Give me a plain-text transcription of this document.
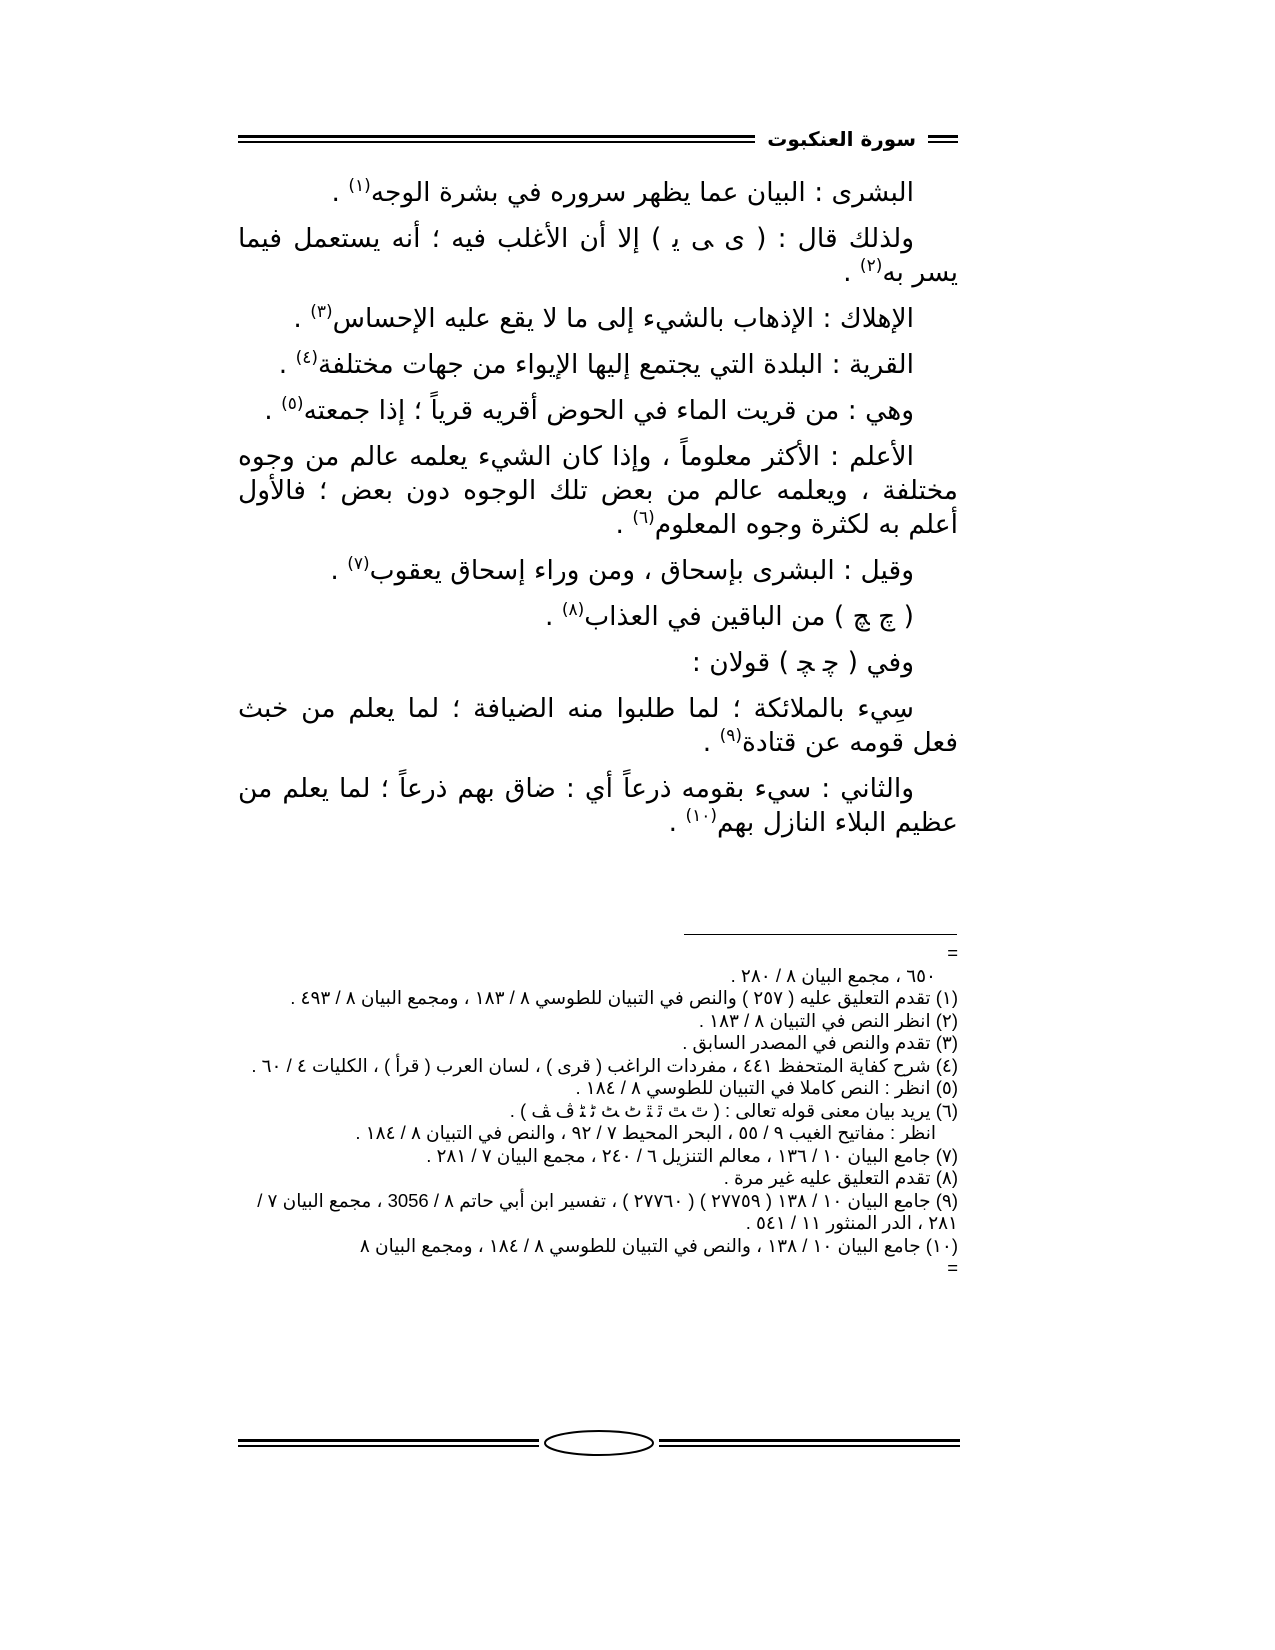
سورة العنكبوت

البشرى : البيان عما يظهر سروره في بشرة الوجه$^{(١)}$ .

ولذلك قال : ( ﯼ ﯽ ﯾ ) إلا أن الأغلب فيه ؛ أنه يستعمل فيما يسر به$^{(٢)}$ .

الإهلاك : الإذهاب بالشيء إلى ما لا يقع عليه الإحساس$^{(٣)}$ .

القرية : البلدة التي يجتمع إليها الإيواء من جهات مختلفة$^{(٤)}$ .

وهي : من قريت الماء في الحوض أقريه قرياً ؛ إذا جمعته$^{(٥)}$ .

الأعلم : الأكثر معلوماً ، وإذا كان الشيء يعلمه عالم من وجوه مختلفة ، ويعلمه عالم من بعض تلك الوجوه دون بعض ؛ فالأول أعلم به لكثرة وجوه المعلوم$^{(٦)}$ .

وقيل : البشرى بإسحاق ، ومن وراء إسحاق يعقوب$^{(٧)}$ .

( ﭺ ﭻ ) من الباقين في العذاب$^{(٨)}$ .

وفي ( ﭼ ﭽ ) قولان :

سِيء بالملائكة ؛ لما طلبوا منه الضيافة ؛ لما يعلم من خبث فعل قومه عن قتادة$^{(٩)}$ .

والثاني : سيء بقومه ذرعاً أي : ضاق بهم ذرعاً ؛ لما يعلم من عظيم البلاء النازل بهم$^{(١٠)}$ .

=
٦٥٠ ، مجمع البيان ٨ / ٢٨٠ .
(١) تقدم التعليق عليه ( ٢٥٧ ) والنص في التبيان للطوسي ٨ / ١٨٣ ، ومجمع البيان ٨ / ٤٩٣ .
(٢) انظر النص في التبيان ٨ / ١٨٣ .
(٣) تقدم والنص في المصدر السابق .
(٤) شرح كفاية المتحفظ ٤٤١ ، مفردات الراغب ( قرى ) ، لسان العرب ( قرأ ) ، الكليات ٤ / ٦٠ .
(٥) انظر : النص كاملا في التبيان للطوسي ٨ / ١٨٤ .
(٦) يريد بيان معنى قوله تعالى : ( ﭢ ﭣ ﭤ ﭥ ﭦ ﭧ ﭨ ﭩ ﭪ ﭫ ) .
انظر : مفاتيح الغيب ٩ / ٥٥ ، البحر المحيط ٧ / ٩٢ ، والنص في التبيان ٨ / ١٨٤ .
(٧) جامع البيان ١٠ / ١٣٦ ، معالم التنزيل ٦ / ٢٤٠ ، مجمع البيان ٧ / ٢٨١ .
(٨) تقدم التعليق عليه غير مرة .
(٩) جامع البيان ١٠ / ١٣٨ ( ٢٧٧٥٩ ) ( ٢٧٧٦٠ ) ، تفسير ابن أبي حاتم ٨ / 3056 ، مجمع البيان ٧ / ٢٨١ ، الدر المنثور ١١ / ٥٤١ .
(١٠) جامع البيان ١٠ / ١٣٨ ، والنص في التبيان للطوسي ٨ / ١٨٤ ، ومجمع البيان ٨
=
